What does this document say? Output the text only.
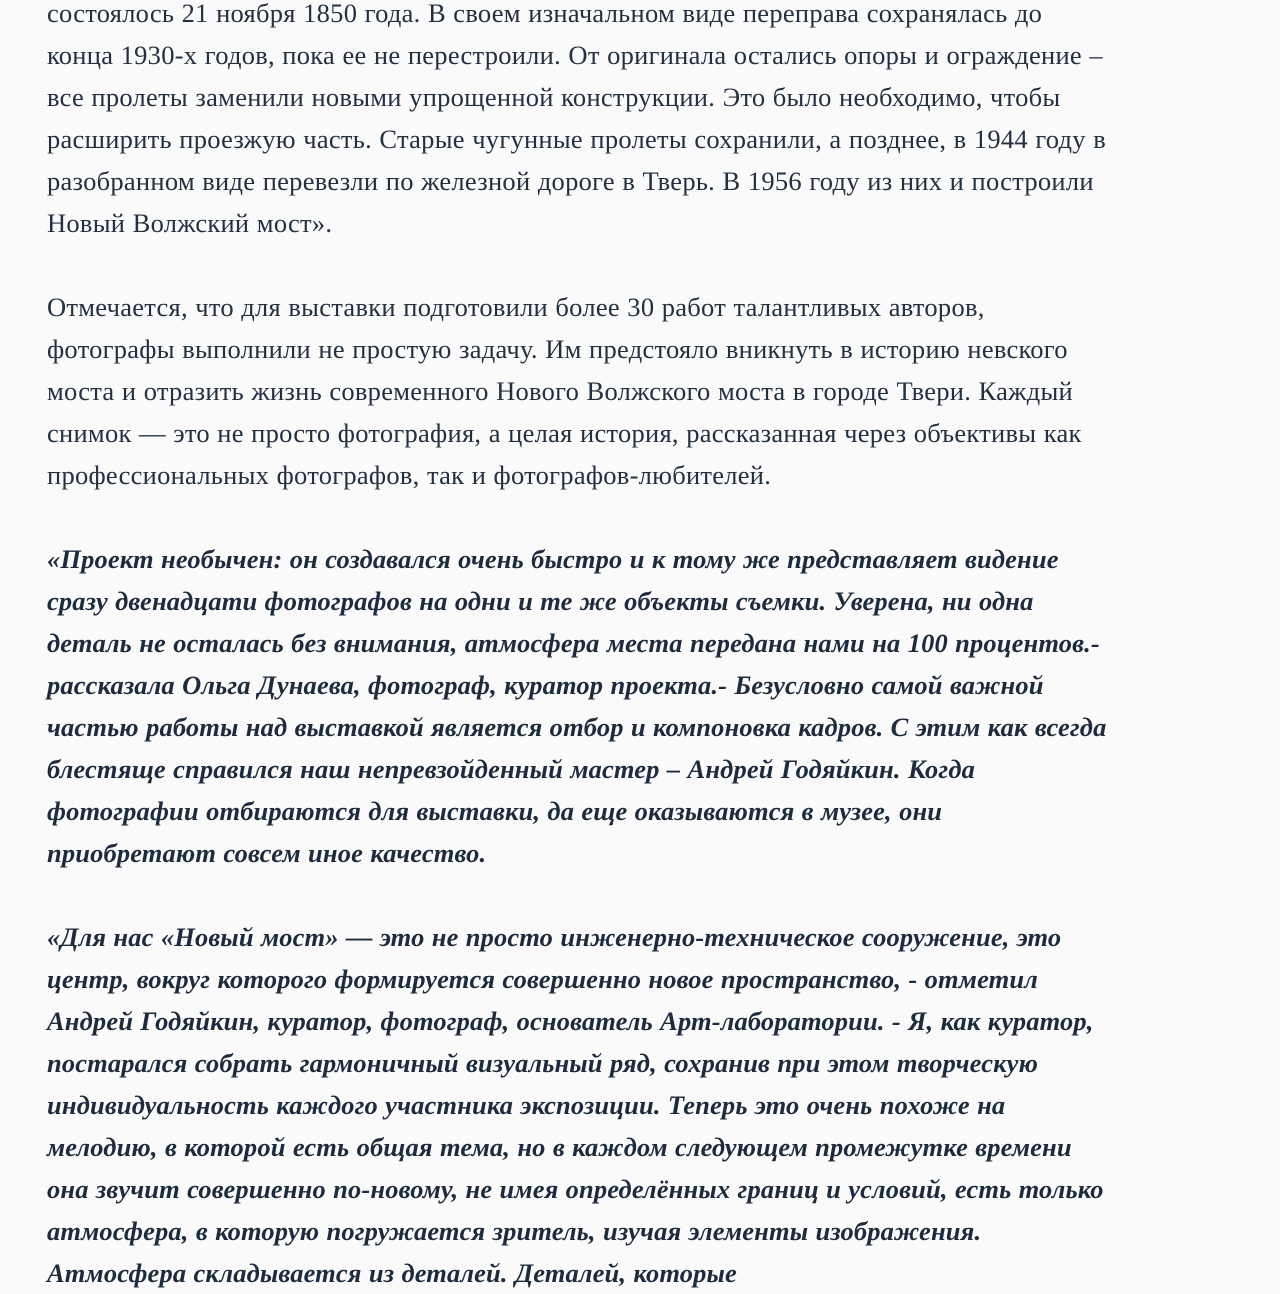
состоялось 21 ноября 1850 года. В своем изначальном виде переправа сохранялась до конца 1930-х годов, пока ее не перестроили. От оригинала остались опоры и ограждение – все пролеты заменили новыми упрощенной конструкции. Это было необходимо, чтобы расширить проезжую часть. Старые чугунные пролеты сохранили, а позднее, в 1944 году в разобранном виде перевезли по железной дороге в Тверь. В 1956 году из них и построили Новый Волжский мост».

Отмечается, что для выставки подготовили более 30 работ талантливых авторов, фотографы выполнили не простую задачу. Им предстояло вникнуть в историю невского моста и отразить жизнь современного Нового Волжского моста в городе Твери. Каждый снимок — это не просто фотография, а целая история, рассказанная через объективы как профессиональных фотографов, так и фотографов-любителей.

«Проект необычен: он создавался очень быстро и к тому же представляет видение сразу двенадцати фотографов на одни и те же объекты съемки. Уверена, ни одна деталь не осталась без внимания, атмосфера места передана нами на 100 процентов.- рассказала Ольга Дунаева, фотограф, куратор проекта.- Безусловно самой важной частью работы над выставкой является отбор и компоновка кадров. С этим как всегда блестяще справился наш непревзойденный мастер – Андрей Годяйкин. Когда фотографии отбираются для выставки, да еще оказываются в музее, они приобретают совсем иное качество.

«Для нас «Новый мост» — это не просто инженерно-техническое сооружение, это центр, вокруг которого формируется совершенно новое пространство, - отметил Андрей Годяйкин, куратор, фотограф, основатель Арт-лаборатории. - Я, как куратор, постарался собрать гармоничный визуальный ряд, сохранив при этом творческую индивидуальность каждого участника экспозиции. Теперь это очень похоже на мелодию, в которой есть общая тема, но в каждом следующем промежутке времени она звучит совершенно по-новому, не имея определённых границ и условий, есть только атмосфера, в которую погружается зритель, изучая элементы изображения. Атмосфера складывается из деталей. Деталей, которые
